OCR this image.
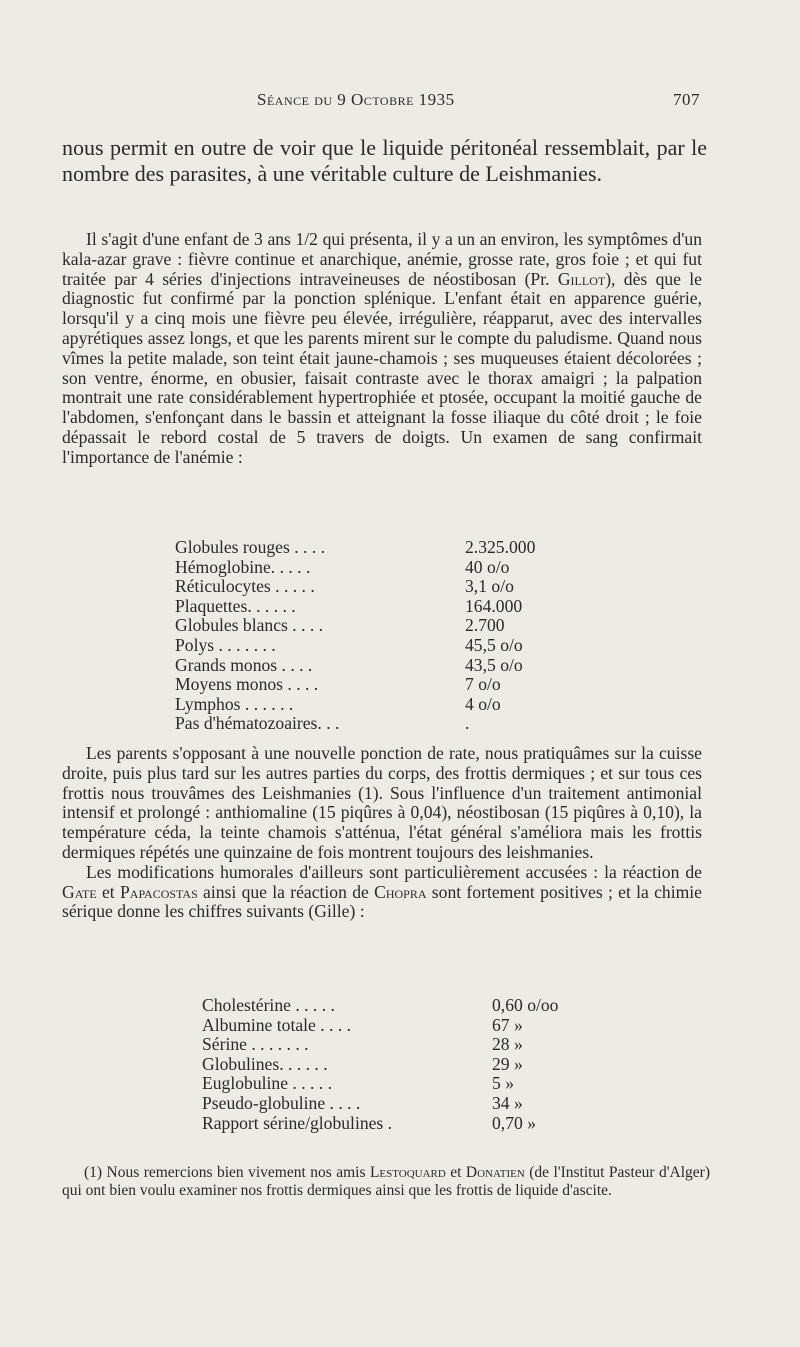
Séance du 9 Octobre 1935	707

nous permit en outre de voir que le liquide péritonéal ressemblait, par le nombre des parasites, à une véritable culture de Leishmanies.

Il s'agit d'une enfant de 3 ans 1/2 qui présenta, il y a un an environ, les symptômes d'un kala-azar grave : fièvre continue et anarchique, anémie, grosse rate, gros foie ; et qui fut traitée par 4 séries d'injections intraveineuses de néostibosan (Pr. Gillot), dès que le diagnostic fut confirmé par la ponction splénique. L'enfant était en apparence guérie, lorsqu'il y a cinq mois une fièvre peu élevée, irrégulière, réapparut, avec des intervalles apyrétiques assez longs, et que les parents mirent sur le compte du paludisme. Quand nous vîmes la petite malade, son teint était jaune-chamois ; ses muqueuses étaient décolorées ; son ventre, énorme, en obusier, faisait contraste avec le thorax amaigri ; la palpation montrait une rate considérablement hypertrophiée et ptosée, occupant la moitié gauche de l'abdomen, s'enfonçant dans le bassin et atteignant la fosse iliaque du côté droit ; le foie dépassait le rebord costal de 5 travers de doigts. Un examen de sang confirmait l'importance de l'anémie :

Globules rouges . . . .	2.325.000
Hémoglobine. . . . .	40 o/o
Réticulocytes . . . . .	3,1 o/o
Plaquettes. . . . . .	164.000
Globules blancs . . . .	2.700
Polys . . . . . . .	45,5 o/o
Grands monos . . . .	43,5 o/o
Moyens monos . . . .	7 o/o
Lymphos . . . . . .	4 o/o
Pas d'hématozoaires. . .	.

Les parents s'opposant à une nouvelle ponction de rate, nous pratiquâmes sur la cuisse droite, puis plus tard sur les autres parties du corps, des frottis dermiques ; et sur tous ces frottis nous trouvâmes des Leishmanies (1). Sous l'influence d'un traitement antimonial intensif et prolongé : anthiomaline (15 piqûres à 0,04), néostibosan (15 piqûres à 0,10), la température céda, la teinte chamois s'atténua, l'état général s'améliora mais les frottis dermiques répétés une quinzaine de fois montrent toujours des leishmanies.

Les modifications humorales d'ailleurs sont particulièrement accusées : la réaction de Gate et Papacostas ainsi que la réaction de Chopra sont fortement positives ; et la chimie sérique donne les chiffres suivants (Gille) :

Cholestérine . . . . .	0,60 o/oo
Albumine totale . . . .	67 »
Sérine . . . . . . .	28 »
Globulines. . . . . .	29 »
Euglobuline . . . . .	5 »
Pseudo-globuline . . . .	34 »
Rapport sérine/globulines .	0,70 »

(1) Nous remercions bien vivement nos amis Lestoquard et Donatien (de l'Institut Pasteur d'Alger) qui ont bien voulu examiner nos frottis dermiques ainsi que les frottis de liquide d'ascite.
